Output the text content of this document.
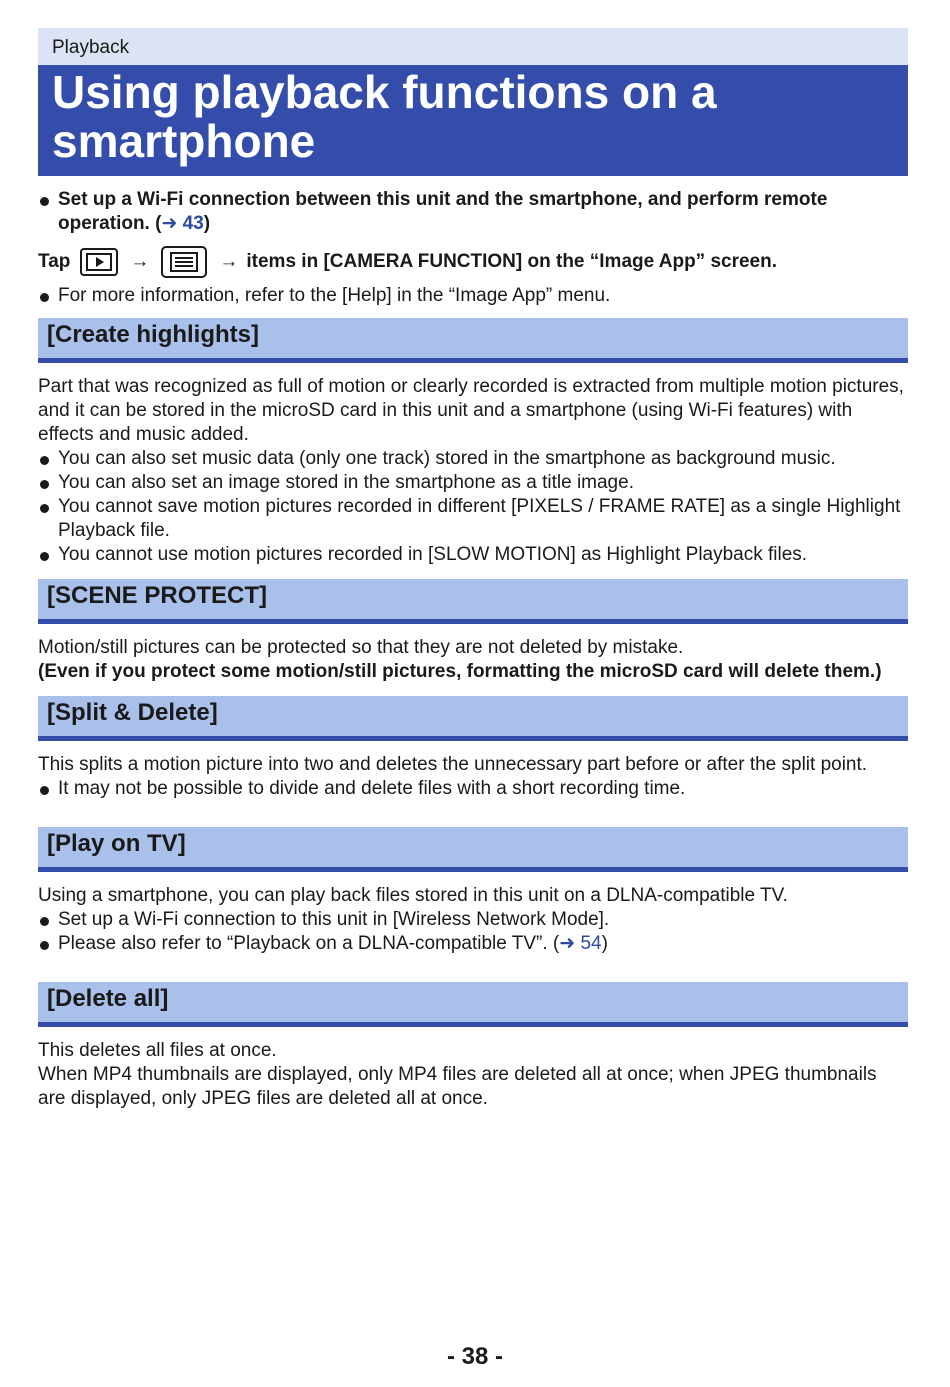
Playback
Using playback functions on a smartphone
Set up a Wi-Fi connection between this unit and the smartphone, and perform remote operation. (➜ 43)
Tap	→	→ items in [CAMERA FUNCTION] on the “Image App” screen.
For more information, refer to the [Help] in the “Image App” menu.
[Create highlights]
Part that was recognized as full of motion or clearly recorded is extracted from multiple motion pictures, and it can be stored in the microSD card in this unit and a smartphone (using Wi-Fi features) with effects and music added.
You can also set music data (only one track) stored in the smartphone as background music.
You can also set an image stored in the smartphone as a title image.
You cannot save motion pictures recorded in different [PIXELS / FRAME RATE] as a single Highlight Playback file.
You cannot use motion pictures recorded in [SLOW MOTION] as Highlight Playback files.
[SCENE PROTECT]
Motion/still pictures can be protected so that they are not deleted by mistake.
(Even if you protect some motion/still pictures, formatting the microSD card will delete them.)
[Split & Delete]
This splits a motion picture into two and deletes the unnecessary part before or after the split point.
It may not be possible to divide and delete files with a short recording time.
[Play on TV]
Using a smartphone, you can play back files stored in this unit on a DLNA-compatible TV.
Set up a Wi-Fi connection to this unit in [Wireless Network Mode].
Please also refer to “Playback on a DLNA-compatible TV”. (➜ 54)
[Delete all]
This deletes all files at once.
When MP4 thumbnails are displayed, only MP4 files are deleted all at once; when JPEG thumbnails are displayed, only JPEG files are deleted all at once.
- 38 -
